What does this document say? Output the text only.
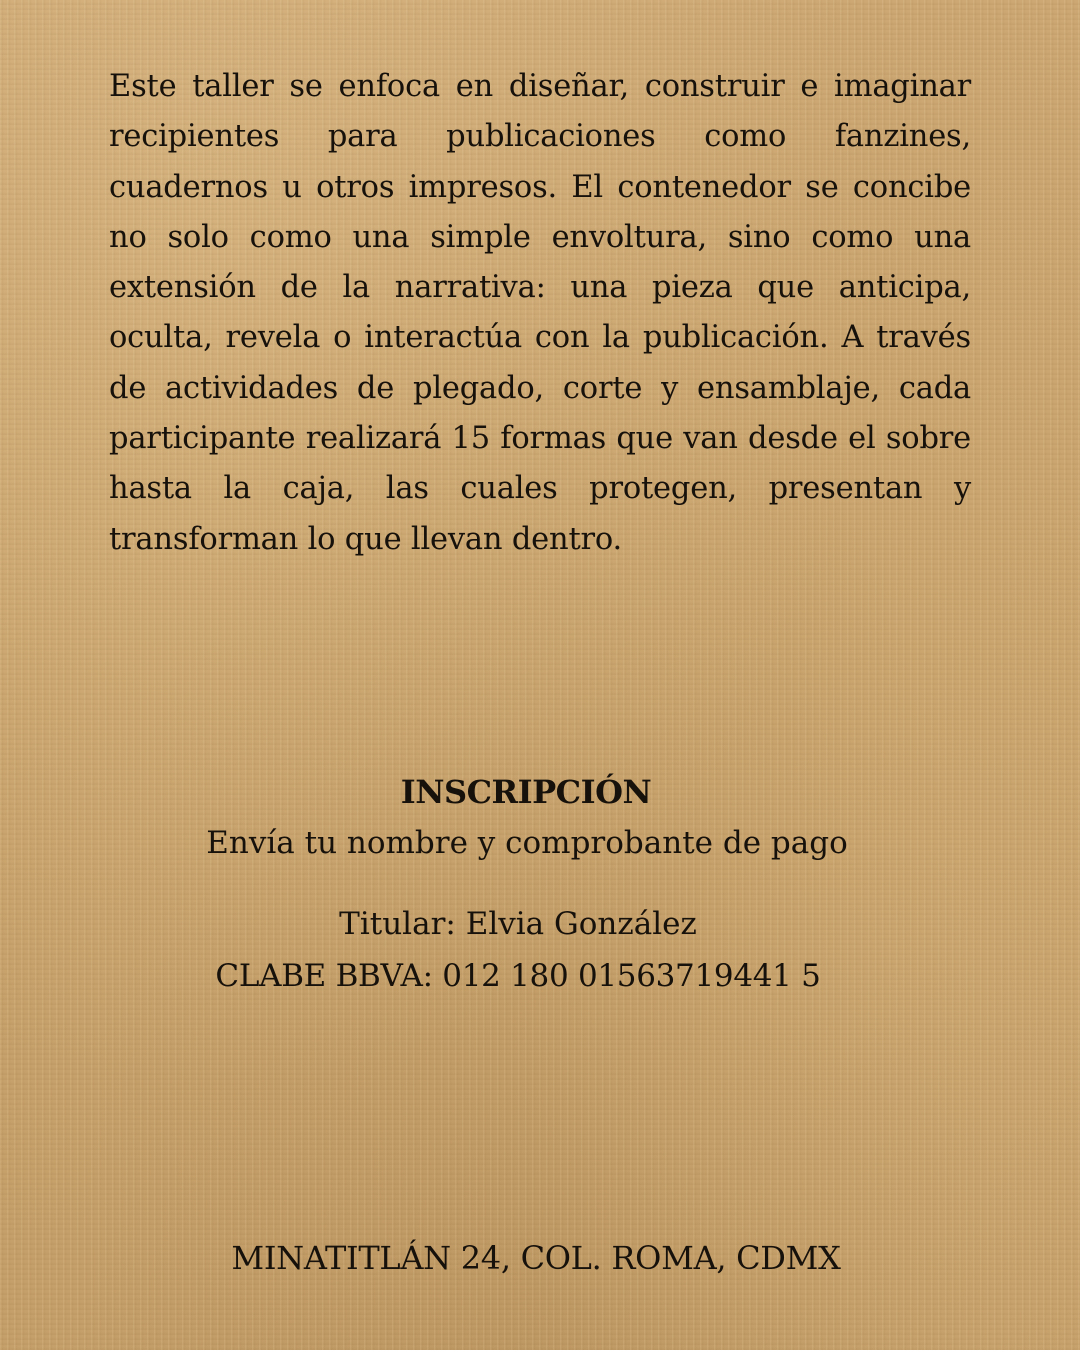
Este taller se enfoca en diseñar, construir e imaginar recipientes para publicaciones como fanzines, cuadernos u otros impresos. El contenedor se concibe no solo como una simple envoltura, sino como una extensión de la narrativa: una pieza que anticipa, oculta, revela o interactúa con la publicación. A través de actividades de plegado, corte y ensamblaje, cada participante realizará 15 formas que van desde el sobre hasta la caja, las cuales protegen, presentan y transforman lo que llevan dentro.

INSCRIPCIÓN

Envía tu nombre y comprobante de pago

Titular: Elvia González

CLABE BBVA: 012 180 01563719441 5

MINATITLÁN 24, COL. ROMA, CDMX
